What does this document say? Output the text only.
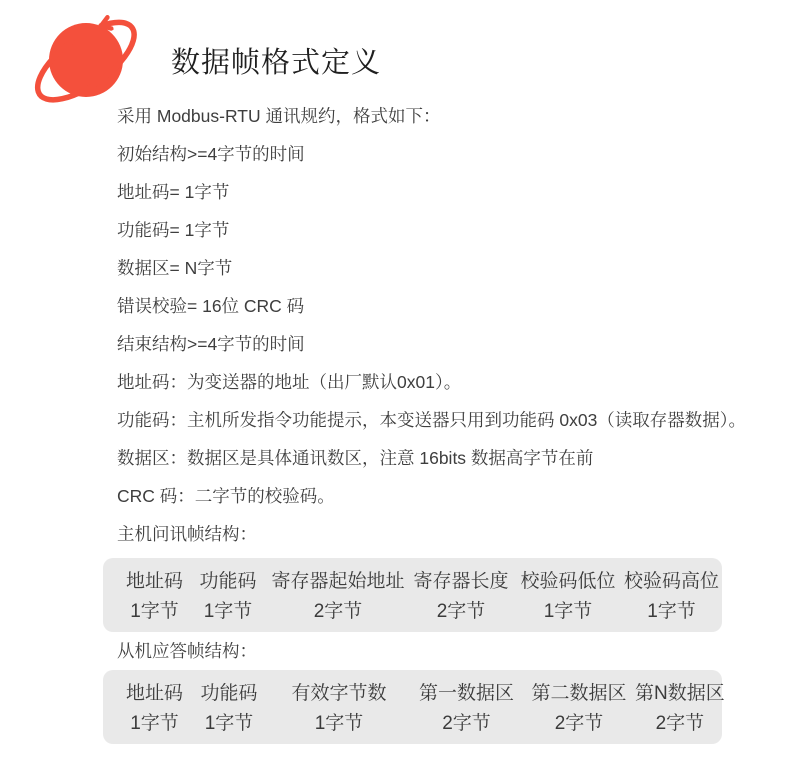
数据帧格式定义

采用 Modbus-RTU 通讯规约，格式如下：

初始结构>=4字节的时间

地址码= 1字节

功能码= 1字节

数据区= N字节

错误校验= 16位 CRC 码

结束结构>=4字节的时间

地址码：为变送器的地址（出厂默认0x01）。

功能码：主机所发指令功能提示，本变送器只用到功能码 0x03（读取存器数据）。

数据区：数据区是具体通讯数区，注意 16bits 数据高字节在前

CRC 码：二字节的校验码。

主机问讯帧结构：

地址码
1字节
功能码
1字节
寄存器起始地址
2字节
寄存器长度
2字节
校验码低位
1字节
校验码高位
1字节

从机应答帧结构：

地址码
1字节
功能码
1字节
有效字节数
1字节
第一数据区
2字节
第二数据区
2字节
第N数据区
2字节
